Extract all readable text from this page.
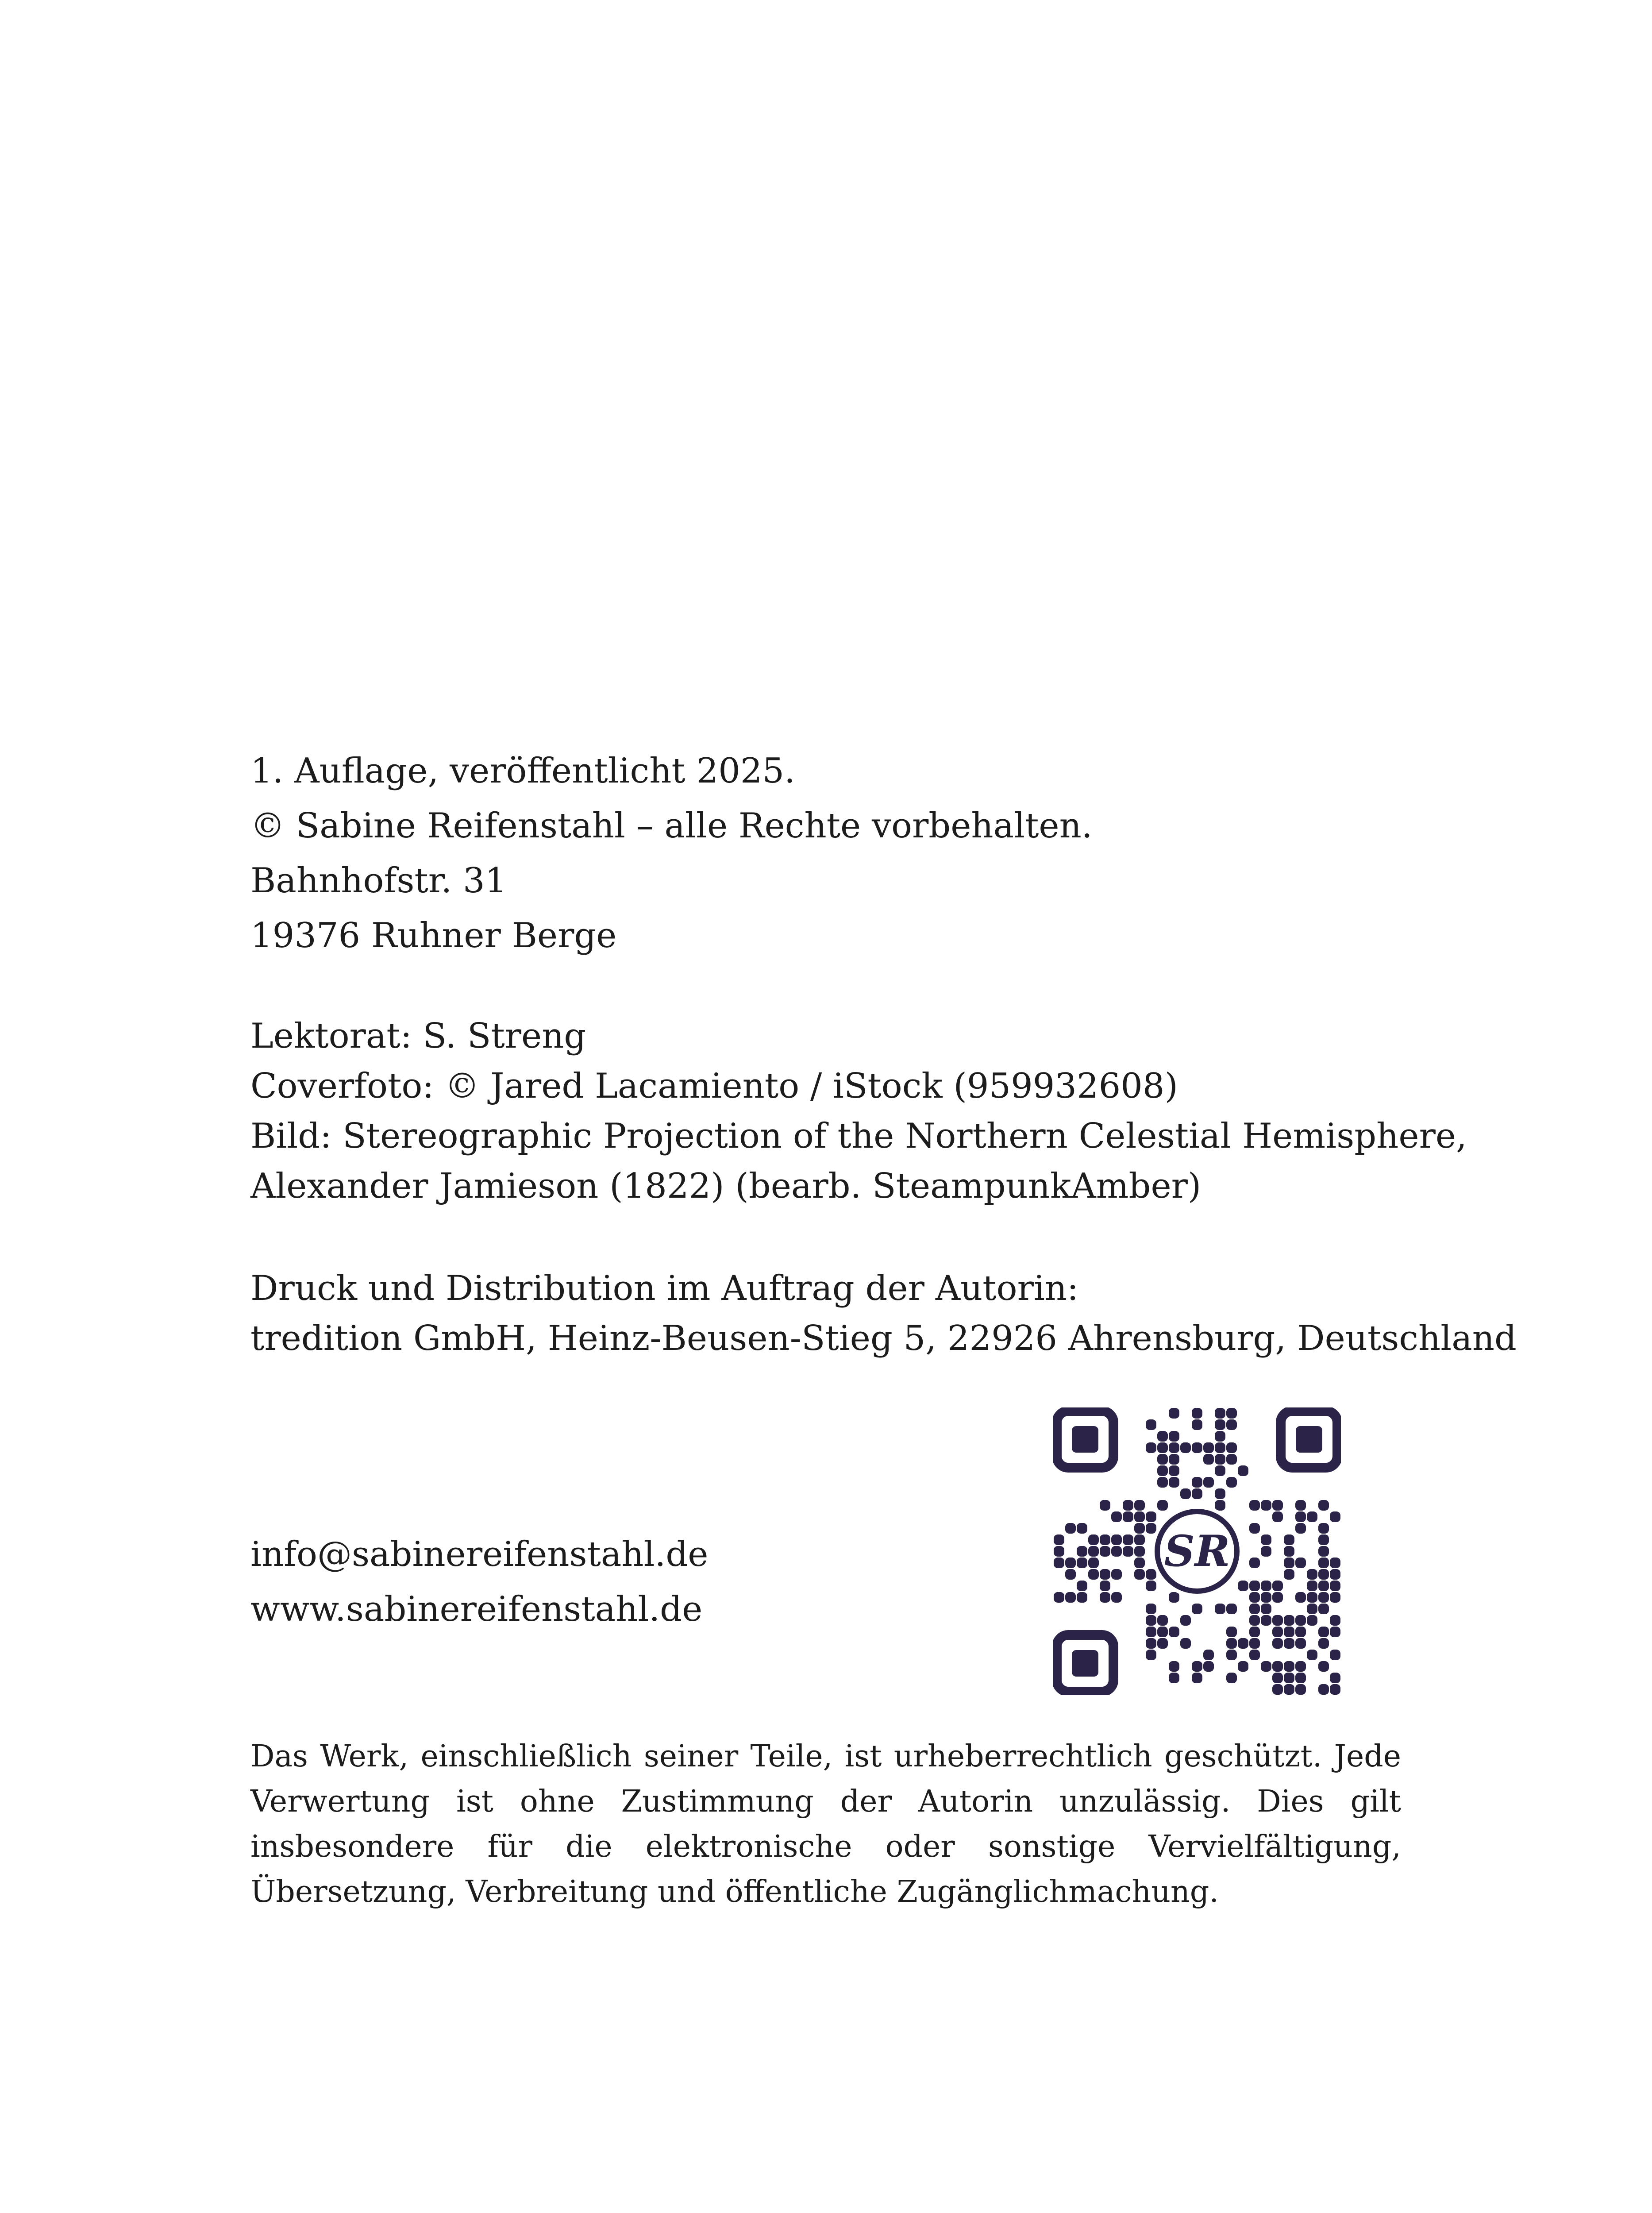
1. Auflage, veröffentlicht 2025.
© Sabine Reifenstahl – alle Rechte vorbehalten.
Bahnhofstr. 31
19376 Ruhner Berge
Lektorat: S. Streng
Coverfoto: © Jared Lacamiento / iStock (959932608)
Bild: Stereographic Projection of the Northern Celestial Hemisphere,
Alexander Jamieson (1822) (bearb. SteampunkAmber)
Druck und Distribution im Auftrag der Autorin:
tredition GmbH, Heinz-Beusen-Stieg 5, 22926 Ahrensburg, Deutschland
info@sabinereifenstahl.de
www.sabinereifenstahl.de
SR
Das Werk, einschließlich seiner Teile, ist urheberrechtlich geschützt. Jede Verwertung ist ohne Zustimmung der Autorin unzulässig. Dies gilt insbesondere für die elektronische oder sonstige Vervielfältigung, Übersetzung, Verbreitung und öffentliche Zugänglichmachung.
